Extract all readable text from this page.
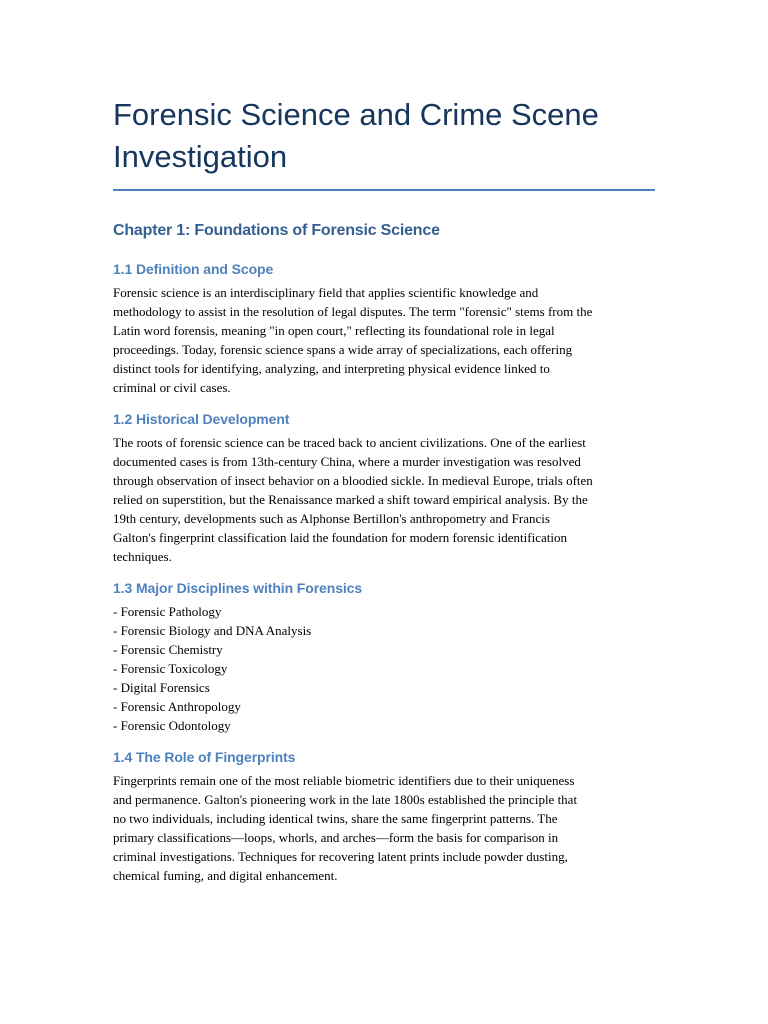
Forensic Science and Crime Scene
Investigation
Chapter 1: Foundations of Forensic Science
1.1 Definition and Scope

Forensic science is an interdisciplinary field that applies scientific knowledge and
methodology to assist in the resolution of legal disputes. The term "forensic" stems from the
Latin word forensis, meaning "in open court," reflecting its foundational role in legal
proceedings. Today, forensic science spans a wide array of specializations, each offering
distinct tools for identifying, analyzing, and interpreting physical evidence linked to
criminal or civil cases.

1.2 Historical Development

The roots of forensic science can be traced back to ancient civilizations. One of the earliest
documented cases is from 13th-century China, where a murder investigation was resolved
through observation of insect behavior on a bloodied sickle. In medieval Europe, trials often
relied on superstition, but the Renaissance marked a shift toward empirical analysis. By the
19th century, developments such as Alphonse Bertillon's anthropometry and Francis
Galton's fingerprint classification laid the foundation for modern forensic identification
techniques.

1.3 Major Disciplines within Forensics
- Forensic Pathology
- Forensic Biology and DNA Analysis
- Forensic Chemistry
- Forensic Toxicology
- Digital Forensics
- Forensic Anthropology
- Forensic Odontology
1.4 The Role of Fingerprints

Fingerprints remain one of the most reliable biometric identifiers due to their uniqueness
and permanence. Galton's pioneering work in the late 1800s established the principle that
no two individuals, including identical twins, share the same fingerprint patterns. The
primary classifications—loops, whorls, and arches—form the basis for comparison in
criminal investigations. Techniques for recovering latent prints include powder dusting,
chemical fuming, and digital enhancement.
